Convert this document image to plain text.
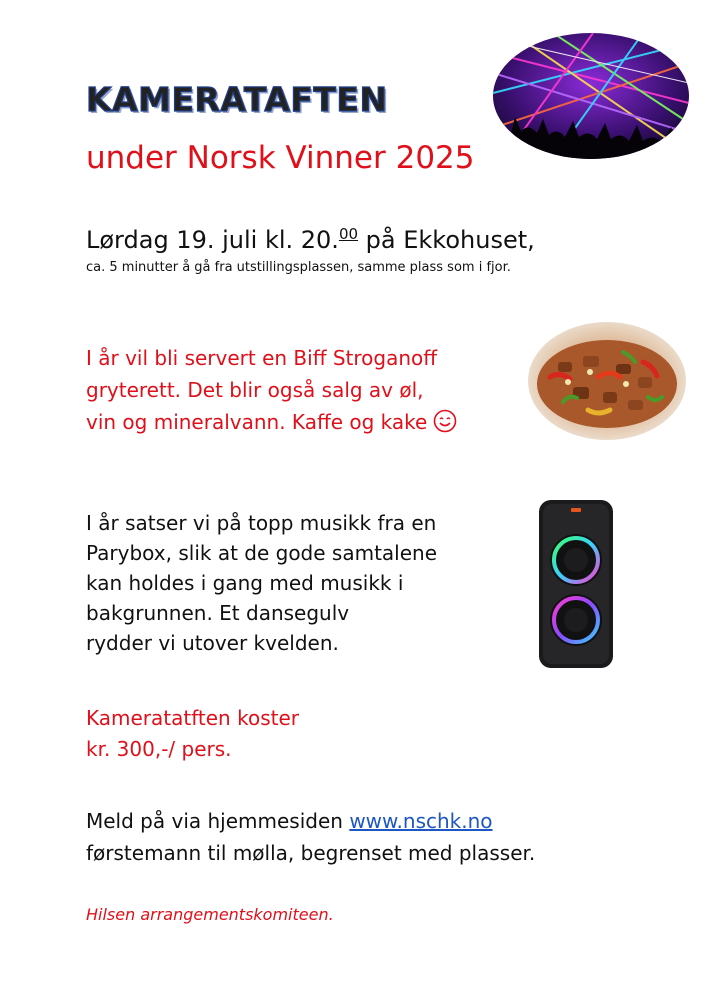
KAMERATAFTEN
under Norsk Vinner 2025

Lørdag 19. juli kl. 20.00 på Ekkohuset,

ca. 5 minutter å gå fra utstillingsplassen, samme plass som i fjor.

I år vil bli servert en Biff Stroganoff
gryterett. Det blir også salg av øl,
vin og mineralvann. Kaffe og kake
I år satser vi på topp musikk fra en
Parybox, slik at de gode samtalene
kan holdes i gang med musikk i
bakgrunnen. Et dansegulv
rydder vi utover kvelden.
Kameratatften koster
kr. 300,-/ pers.
Meld på via hjemmesiden www.nschk.no
førstemann til mølla, begrenset med plasser.

Hilsen arrangementskomiteen.
